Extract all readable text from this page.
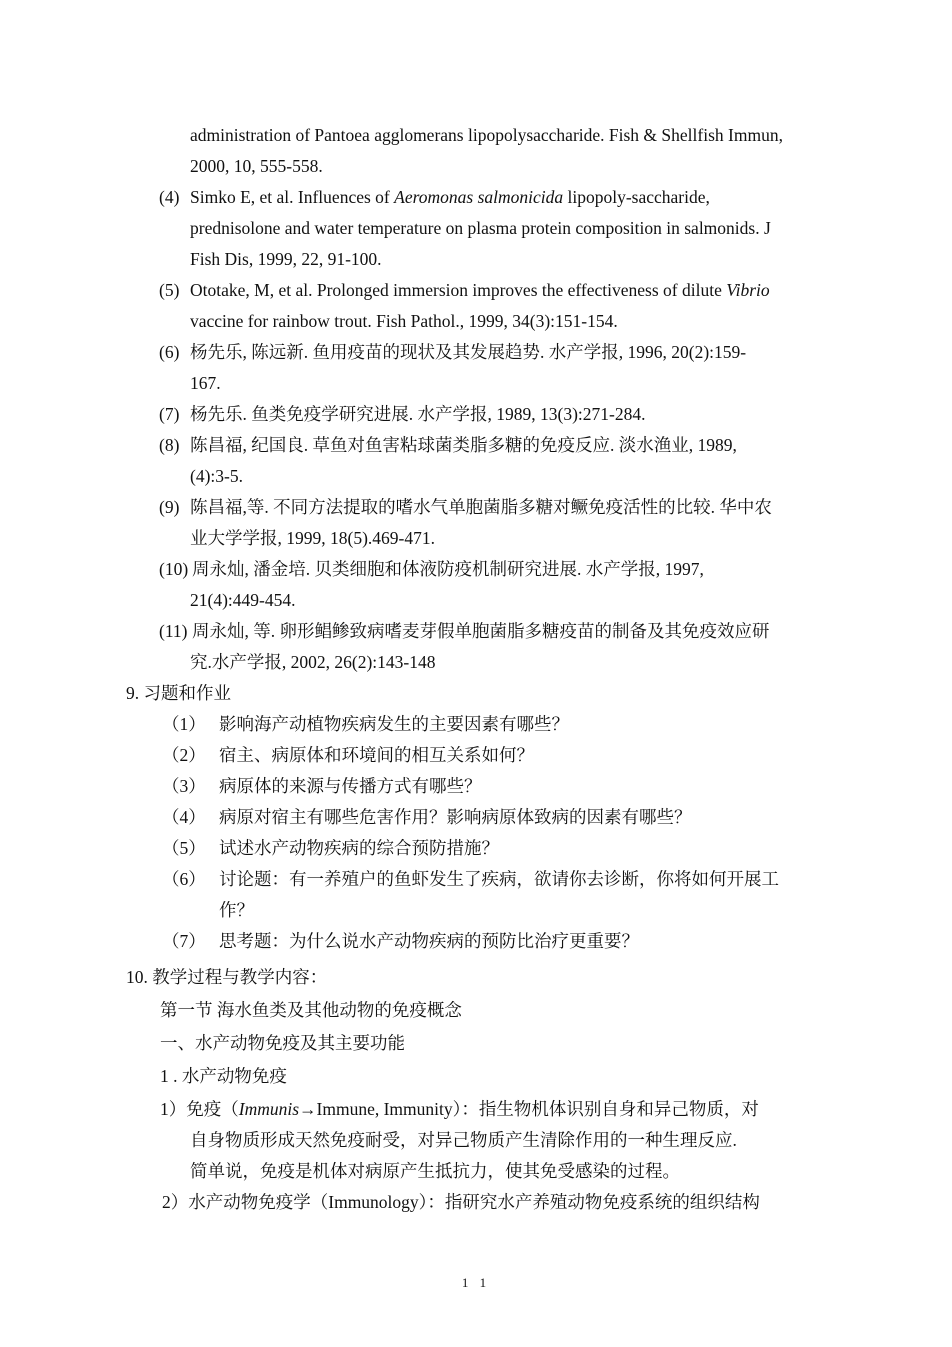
administration of Pantoea agglomerans lipopolysaccharide. Fish & Shellfish Immun,
2000, 10, 555-558.
(4) Simko E, et al. Influences of Aeromonas salmonicida lipopoly-saccharide,
prednisolone and water temperature on plasma protein composition in salmonids. J
Fish Dis, 1999, 22, 91-100.
(5) Ototake, M, et al. Prolonged immersion improves the effectiveness of dilute Vibrio
vaccine for rainbow trout. Fish Pathol., 1999, 34(3):151-154.
(6) 杨先乐, 陈远新. 鱼用疫苗的现状及其发展趋势. 水产学报, 1996, 20(2):159-
167.
(7) 杨先乐. 鱼类免疫学研究进展. 水产学报, 1989, 13(3):271-284.
(8) 陈昌福, 纪国良. 草鱼对鱼害粘球菌类脂多糖的免疫反应. 淡水渔业, 1989,
(4):3-5.
(9) 陈昌福,等. 不同方法提取的嗜水气单胞菌脂多糖对鳜免疫活性的比较. 华中农
业大学学报, 1999, 18(5).469-471.
(10) 周永灿, 潘金培. 贝类细胞和体液防疫机制研究进展. 水产学报, 1997,
21(4):449-454.
(11) 周永灿, 等. 卵形鲳鲹致病嗜麦芽假单胞菌脂多糖疫苗的制备及其免疫效应研
究.水产学报, 2002, 26(2):143-148
9. 习题和作业
（1） 影响海产动植物疾病发生的主要因素有哪些？
（2） 宿主、病原体和环境间的相互关系如何？
（3） 病原体的来源与传播方式有哪些？
（4） 病原对宿主有哪些危害作用？影响病原体致病的因素有哪些？
（5） 试述水产动物疾病的综合预防措施？
（6） 讨论题：有一养殖户的鱼虾发生了疾病，欲请你去诊断，你将如何开展工
作？
（7） 思考题：为什么说水产动物疾病的预防比治疗更重要？
10. 教学过程与教学内容：
第一节 海水鱼类及其他动物的免疫概念
一、水产动物免疫及其主要功能
1 . 水产动物免疫
1）免疫（Immunis→Immune, Immunity）：指生物机体识别自身和异己物质，对
自身物质形成天然免疫耐受，对异己物质产生清除作用的一种生理反应.
简单说，免疫是机体对病原产生抵抗力，使其免受感染的过程。
2）水产动物免疫学（Immunology）：指研究水产养殖动物免疫系统的组织结构
1 1
